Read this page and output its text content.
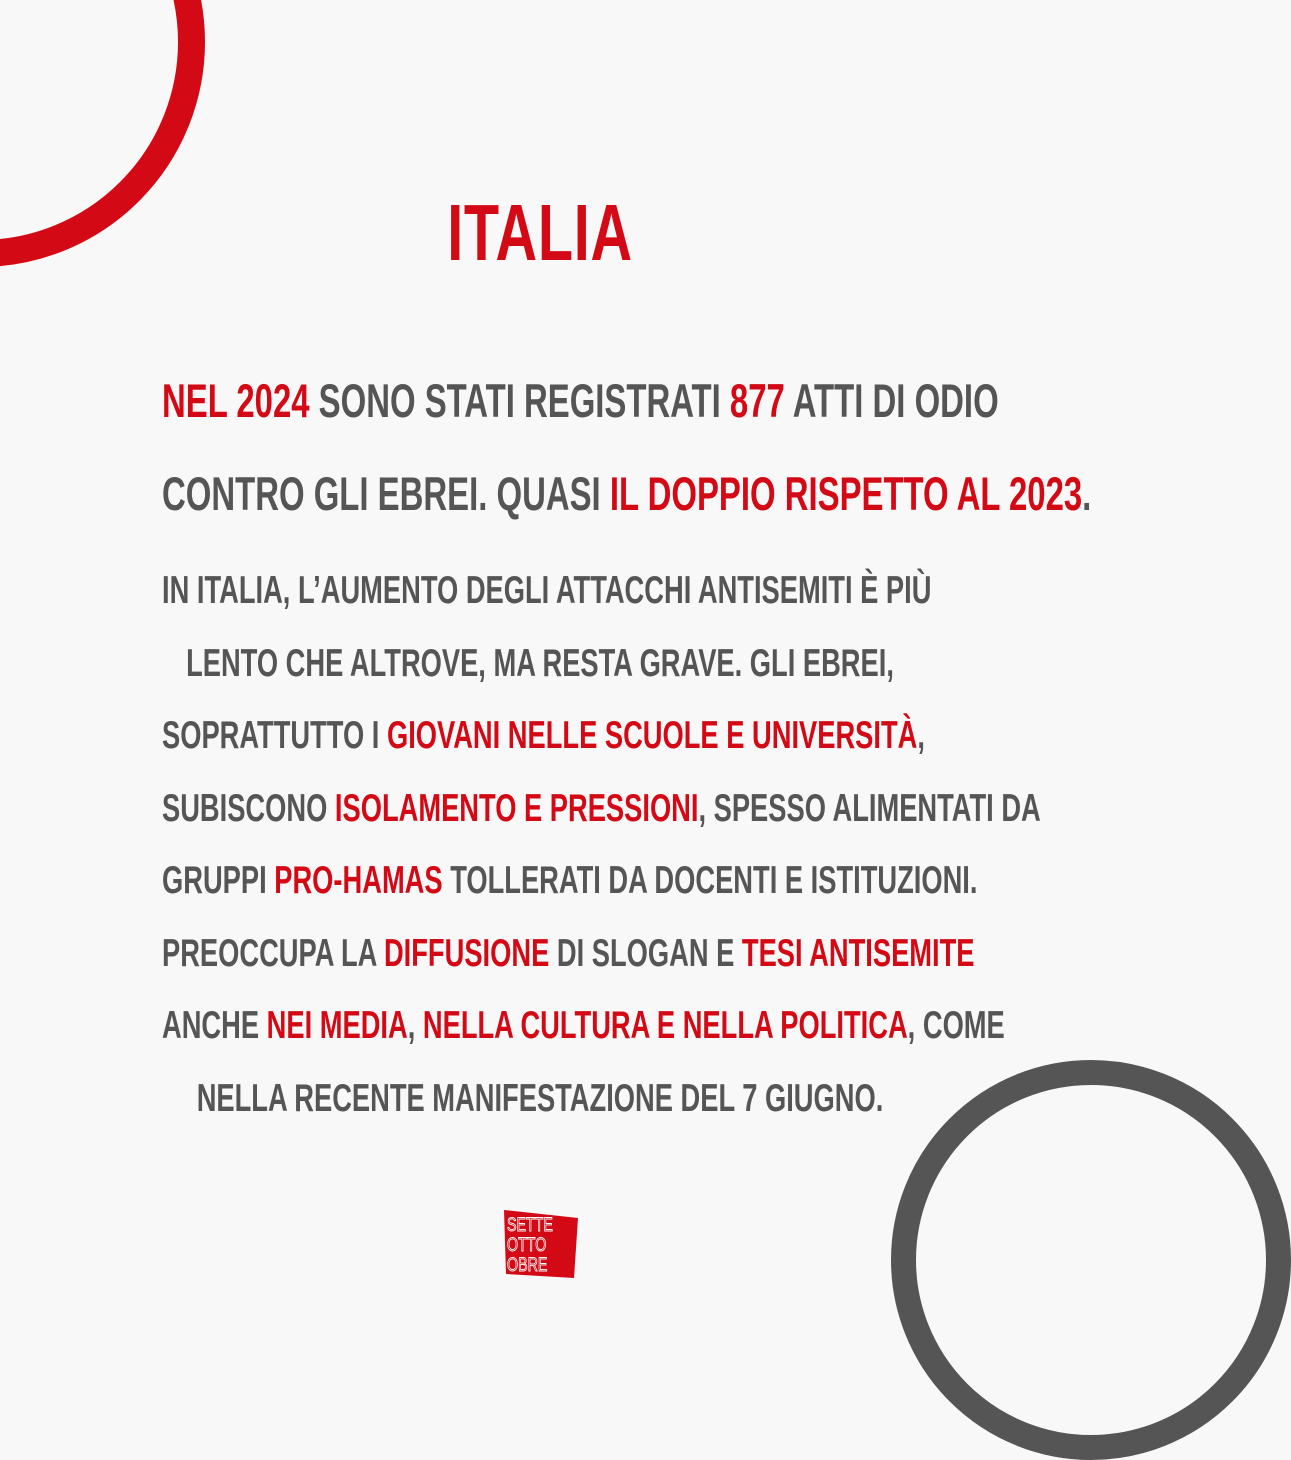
ITALIA
NEL 2024 SONO STATI REGISTRATI 877 ATTI DI ODIO
CONTRO GLI EBREI. QUASI IL DOPPIO RISPETTO AL 2023.
IN ITALIA, L’AUMENTO DEGLI ATTACCHI ANTISEMITI È PIÙ
LENTO CHE ALTROVE, MA RESTA GRAVE. GLI EBREI,
SOPRATTUTTO I GIOVANI NELLE SCUOLE E UNIVERSITÀ,
SUBISCONO ISOLAMENTO E PRESSIONI, SPESSO ALIMENTATI DA
GRUPPI PRO-HAMAS TOLLERATI DA DOCENTI E ISTITUZIONI.
PREOCCUPA LA DIFFUSIONE DI SLOGAN E TESI ANTISEMITE
ANCHE NEI MEDIA, NELLA CULTURA E NELLA POLITICA, COME
NELLA RECENTE MANIFESTAZIONE DEL 7 GIUGNO.
SETTE
OTTO
OBRE
